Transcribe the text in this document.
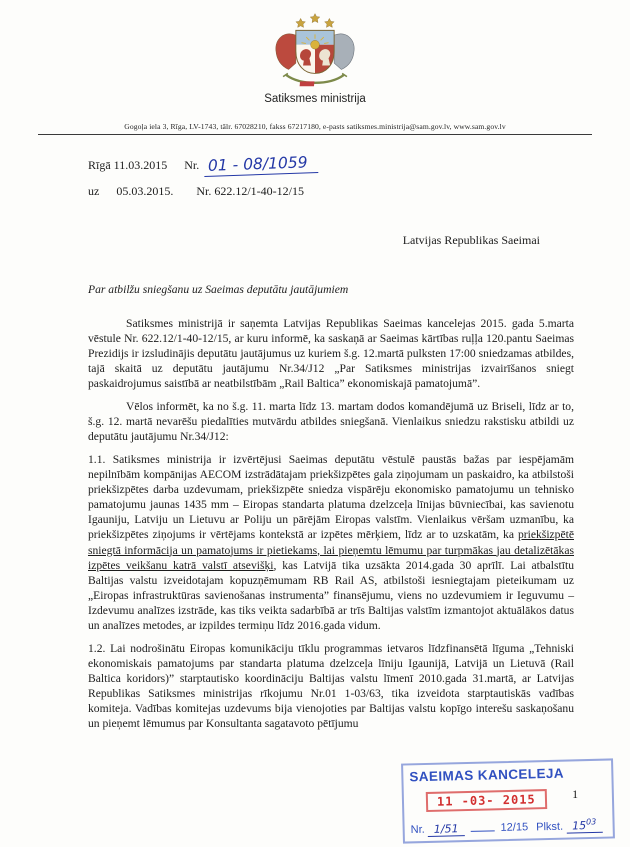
Satiksmes ministrija
Gogoļa iela 3, Rīga, LV-1743, tālr. 67028210, fakss 67217180, e-pasts satiksmes.ministrija@sam.gov.lv, www.sam.gov.lv
Rīgā 11.03.2015 Nr. 01 - 08/1059
uz 05.03.2015. Nr. 622.12/1-40-12/15
Latvijas Republikas Saeimai
Par atbilžu sniegšanu uz Saeimas deputātu jautājumiem

Satiksmes ministrijā ir saņemta Latvijas Republikas Saeimas kancelejas 2015. gada 5.marta vēstule Nr. 622.12/1-40-12/15, ar kuru informē, ka saskaņā ar Saeimas kārtības ruļļa 120.pantu Saeimas Prezidijs ir izsludinājis deputātu jautājumus uz kuriem š.g. 12.martā pulksten 17:00 sniedzamas atbildes, tajā skaitā uz deputātu jautājumu Nr.34/J12 „Par Satiksmes ministrijas izvairīšanos sniegt paskaidrojumus saistībā ar neatbilstībām „Rail Baltica” ekonomiskajā pamatojumā”.

Vēlos informēt, ka no š.g. 11. marta līdz 13. martam dodos komandējumā uz Briseli, līdz ar to, š.g. 12. martā nevarēšu piedalīties mutvārdu atbildes sniegšanā. Vienlaikus sniedzu rakstisku atbildi uz deputātu jautājumu Nr.34/J12:

1.1. Satiksmes ministrija ir izvērtējusi Saeimas deputātu vēstulē paustās bažas par iespējamām nepilnībām kompānijas AECOM izstrādātajam priekšizpētes gala ziņojumam un paskaidro, ka atbilstoši priekšizpētes darba uzdevumam, priekšizpēte sniedza vispārēju ekonomisko pamatojumu un tehnisko pamatojumu jaunas 1435 mm – Eiropas standarta platuma dzelzceļa līnijas būvniecībai, kas savienotu Igauniju, Latviju un Lietuvu ar Poliju un pārējām Eiropas valstīm. Vienlaikus vēršam uzmanību, ka priekšizpētes ziņojums ir vērtējams kontekstā ar izpētes mērķiem, līdz ar to uzskatām, ka priekšizpētē sniegtā informācija un pamatojums ir pietiekams, lai pieņemtu lēmumu par turpmākas jau detalizētākas izpētes veikšanu katrā valstī atsevišķi, kas Latvijā tika uzsākta 2014.gada 30 aprīlī. Lai atbalstītu Baltijas valstu izveidotajam kopuzņēmumam RB Rail AS, atbilstoši iesniegtajam pieteikumam uz „Eiropas infrastruktūras savienošanas instrumenta” finansējumu, viens no uzdevumiem ir Ieguvumu – Izdevumu analīzes izstrāde, kas tiks veikta sadarbībā ar trīs Baltijas valstīm izmantojot aktuālākos datus un analīzes metodes, ar izpildes termiņu līdz 2016.gada vidum.

1.2. Lai nodrošinātu Eiropas komunikāciju tīklu programmas ietvaros līdzfinansētā līguma „Tehniski ekonomiskais pamatojums par standarta platuma dzelzceļa līniju Igaunijā, Latvijā un Lietuvā (Rail Baltica koridors)” starptautisko koordināciju Baltijas valstu līmenī 2010.gada 31.martā, ar Latvijas Republikas Satiksmes ministrijas rīkojumu Nr.01 1-03/63, tika izveidota starptautiskās vadības komiteja. Vadības komitejas uzdevums bija vienojoties par Baltijas valstu kopīgo interešu saskaņošanu un pieņemt lēmumus par Konsultanta sagatavoto pētījumu

SAEIMAS KANCELEJA
11 -03- 2015
Nr. 1/51	12/15 Plkst. $15^{03}$
1
